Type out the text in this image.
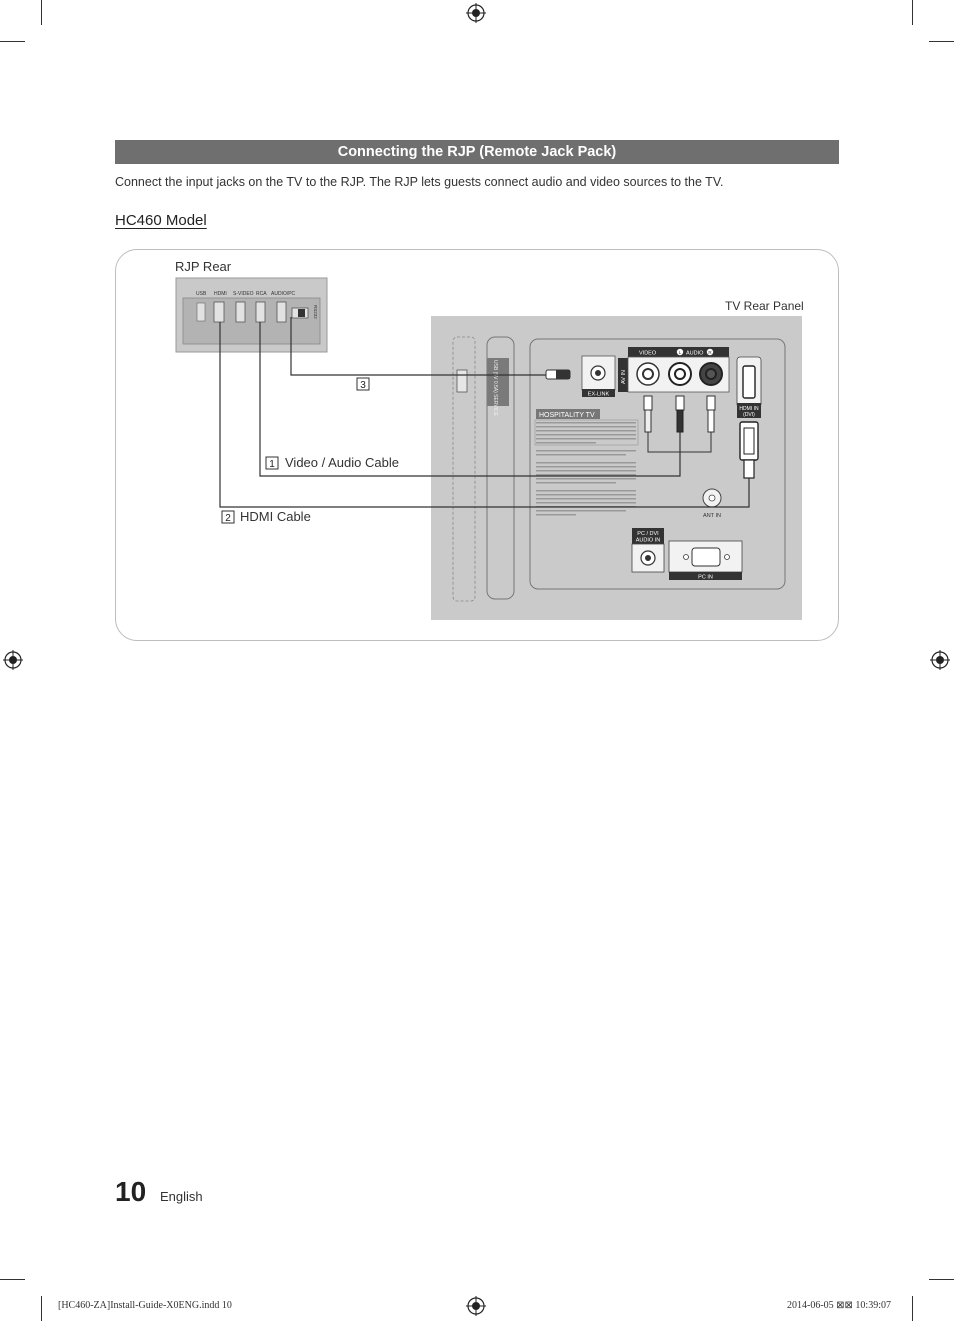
Connecting the RJP (Remote Jack Pack)
Connect the input jacks on the TV to the RJP. The RJP lets guests connect audio and video sources to the TV.
HC460 Model
RJP Rear
TV Rear Panel
USB HDMI S-VIDEO RCA AUDIO/PC
RS232
USB (5V 0.5A) SERVICE	EX-LINK
AV IN
VIDEO	L AUDIO R
HDMI IN
(DVI)
HOSPITALITY TV
ANT IN
PC / DVI
AUDIO IN
PC IN
3
1
2
Video / Audio Cable
HDMI Cable
10 English
[HC460-ZA]Install-Guide-X0ENG.indd 10	2014-06-05 ⊠⊠ 10:39:07
